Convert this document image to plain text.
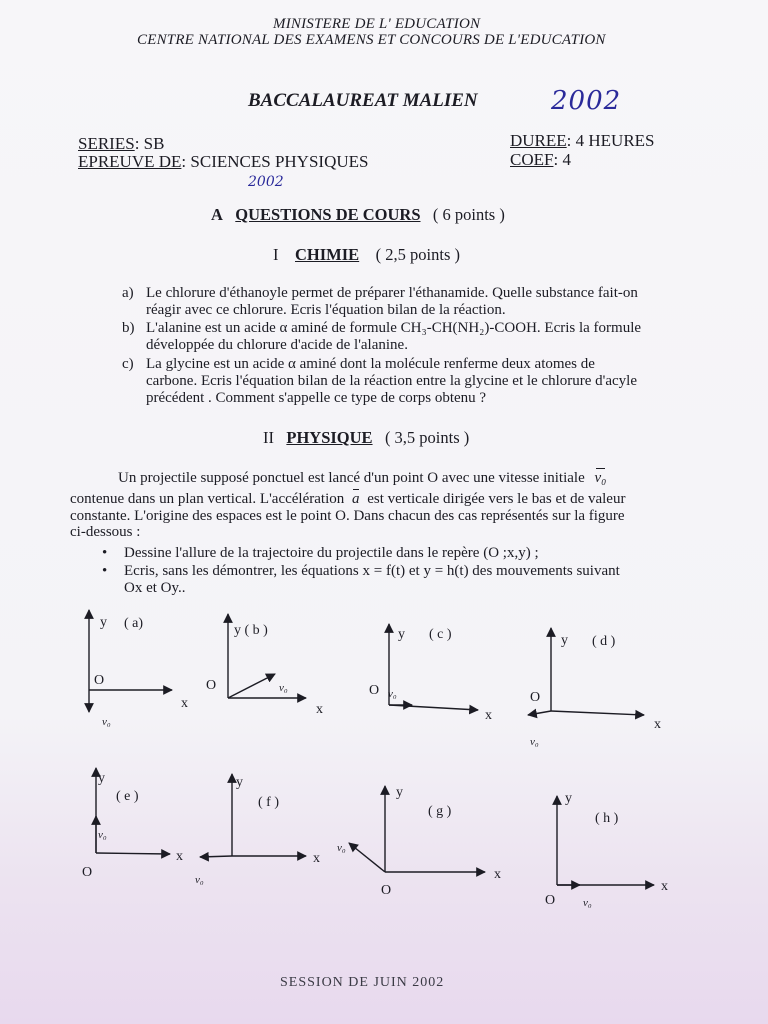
MINISTERE DE L' EDUCATION
CENTRE NATIONAL DES EXAMENS ET CONCOURS DE L'EDUCATION
BACCALAUREAT MALIEN	2002
SERIES: SB
EPREUVE DE: SCIENCES PHYSIQUES
2002
DUREE: 4 HEURES
COEF: 4
A QUESTIONS DE COURS ( 6 points )
I CHIMIE ( 2,5 points )
a) Le chlorure d'éthanoyle permet de préparer l'éthanamide. Quelle substance fait-on
réagir avec ce chlorure. Ecris l'équation bilan de la réaction.
b) L'alanine est un acide α aminé de formule CH₃-CH(NH₂)-COOH. Ecris la formule
développée du chlorure d'acide de l'alanine.
c) La glycine est un acide α aminé dont la molécule renferme deux atomes de
carbone. Ecris l'équation bilan de la réaction entre la glycine et le chlorure d'acyle
précédent . Comment s'appelle ce type de corps obtenu ?
II PHYSIQUE ( 3,5 points )
Un projectile supposé ponctuel est lancé d'un point O avec une vitesse initiale v₀
contenue dans un plan vertical. L'accélération a est verticale dirigée vers le bas et de valeur
constante. L'origine des espaces est le point O. Dans chacun des cas représentés sur la figure
ci-dessous :
• Dessine l'allure de la trajectoire du projectile dans le repère (O ;x,y) ;
• Ecris, sans les démontrer, les équations x = f(t) et y = h(t) des mouvements suivant
Ox et Oy..
y ( a)
O
x
v₀
y ( b )
O
x
v₀
y ( c )
O
x
v₀
y ( d )
O
x
v₀
y
( e )
v₀
x
O
y
( f )
x
v₀
y
( g )
v₀
x
O
y
( h )
x
O	v₀
SESSION DE JUIN 2002
